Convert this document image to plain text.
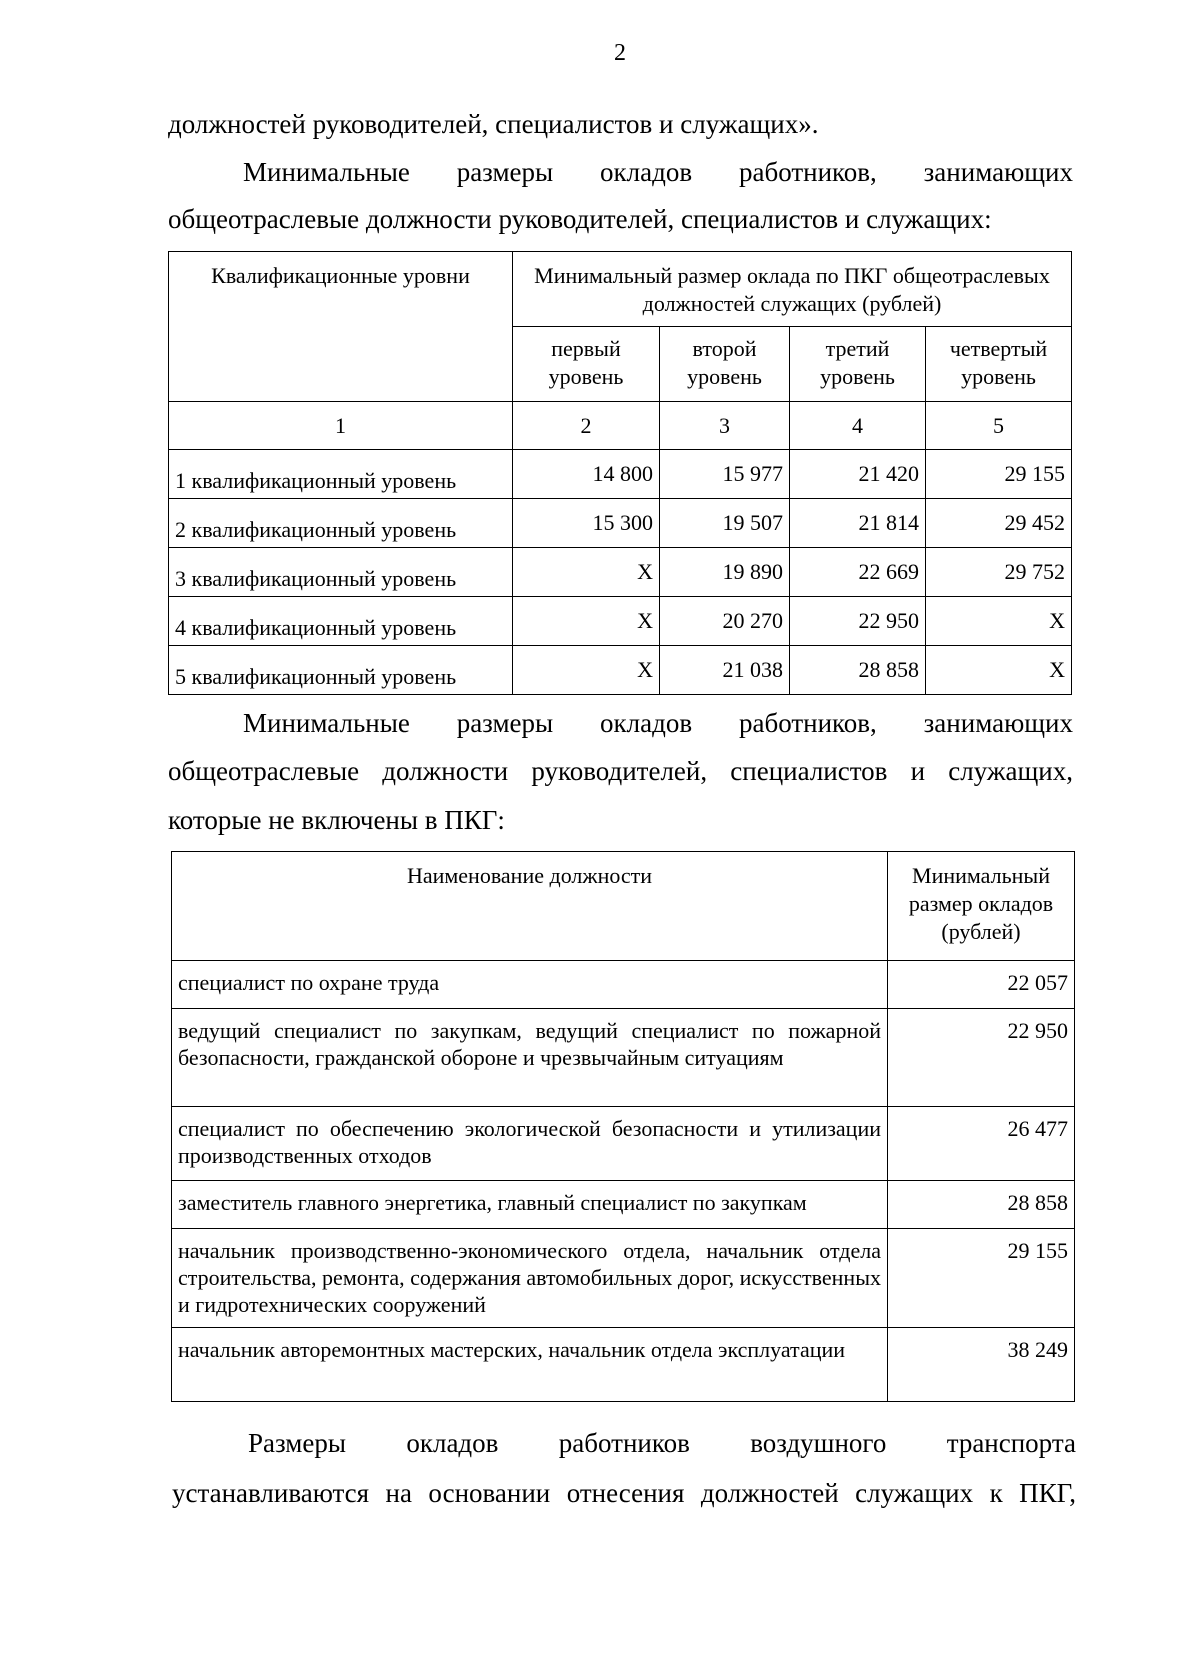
2
должностей руководителей, специалистов и служащих».
Минимальные размеры окладов работников, занимающих
общеотраслевые должности руководителей, специалистов и служащих:
Квалификационные уровни	Минимальный размер оклада по ПКГ общеотраслевых должностей служащих (рублей)			
	первый уровень	второй уровень	третий уровень	четвертый уровень
1	2	3	4	5
1 квалификационный уровень	14 800	15 977	21 420	29 155
2 квалификационный уровень	15 300	19 507	21 814	29 452
3 квалификационный уровень	X	19 890	22 669	29 752
4 квалификационный уровень	X	20 270	22 950	X
5 квалификационный уровень	X	21 038	28 858	X
Минимальные размеры окладов работников, занимающих
общеотраслевые должности руководителей, специалистов и служащих,
которые не включены в ПКГ:
Наименование должности	Минимальный размер окладов (рублей)
специалист по охране труда	22 057
ведущий специалист по закупкам, ведущий специалист по пожарной безопасности, гражданской обороне и чрезвычайным ситуациям	22 950
специалист по обеспечению экологической безопасности и утилизации производственных отходов	26 477
заместитель главного энергетика, главный специалист по закупкам	28 858
начальник производственно-экономического отдела, начальник отдела строительства, ремонта, содержания автомобильных дорог, искусственных и гидротехнических сооружений	29 155
начальник авторемонтных мастерских, начальник отдела эксплуатации	38 249
Размеры окладов работников воздушного транспорта
устанавливаются на основании отнесения должностей служащих к ПКГ,
